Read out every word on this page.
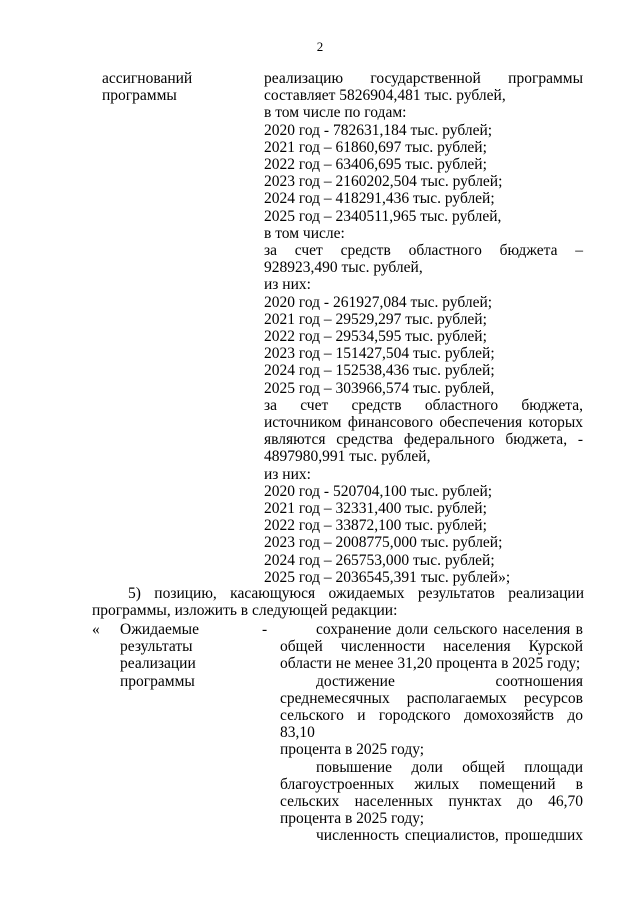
2
ассигнований
программы
реализацию государственной программы
составляет 5826904,481 тыс. рублей,
в том числе по годам:
2020 год - 782631,184 тыс. рублей;
2021 год – 61860,697 тыс. рублей;
2022 год – 63406,695 тыс. рублей;
2023 год – 2160202,504 тыс. рублей;
2024 год – 418291,436 тыс. рублей;
2025 год – 2340511,965 тыс. рублей,
в том числе:
за счет средств областного бюджета –
928923,490 тыс. рублей,
из них:
2020 год - 261927,084 тыс. рублей;
2021 год – 29529,297 тыс. рублей;
2022 год – 29534,595 тыс. рублей;
2023 год – 151427,504 тыс. рублей;
2024 год – 152538,436 тыс. рублей;
2025 год – 303966,574 тыс. рублей,
за счет средств областного бюджета,
источником финансового обеспечения которых
являются средства федерального бюджета, -
4897980,991 тыс. рублей,
из них:
2020 год - 520704,100 тыс. рублей;
2021 год – 32331,400 тыс. рублей;
2022 год – 33872,100 тыс. рублей;
2023 год – 2008775,000 тыс. рублей;
2024 год – 265753,000 тыс. рублей;
2025 год – 2036545,391 тыс. рублей»;
5) позицию, касающуюся ожидаемых результатов реализации
программы, изложить в следующей редакции:
« Ожидаемые
результаты
реализации
программы
-	сохранение доли сельского населения в
общей численности населения Курской
области не менее 31,20 процента в 2025 году;
достижение соотношения
среднемесячных располагаемых ресурсов
сельского и городского домохозяйств до 83,10
процента в 2025 году;
повышение доли общей площади
благоустроенных жилых помещений в
сельских населенных пунктах до 46,70
процента в 2025 году;
численность специалистов, прошедших
